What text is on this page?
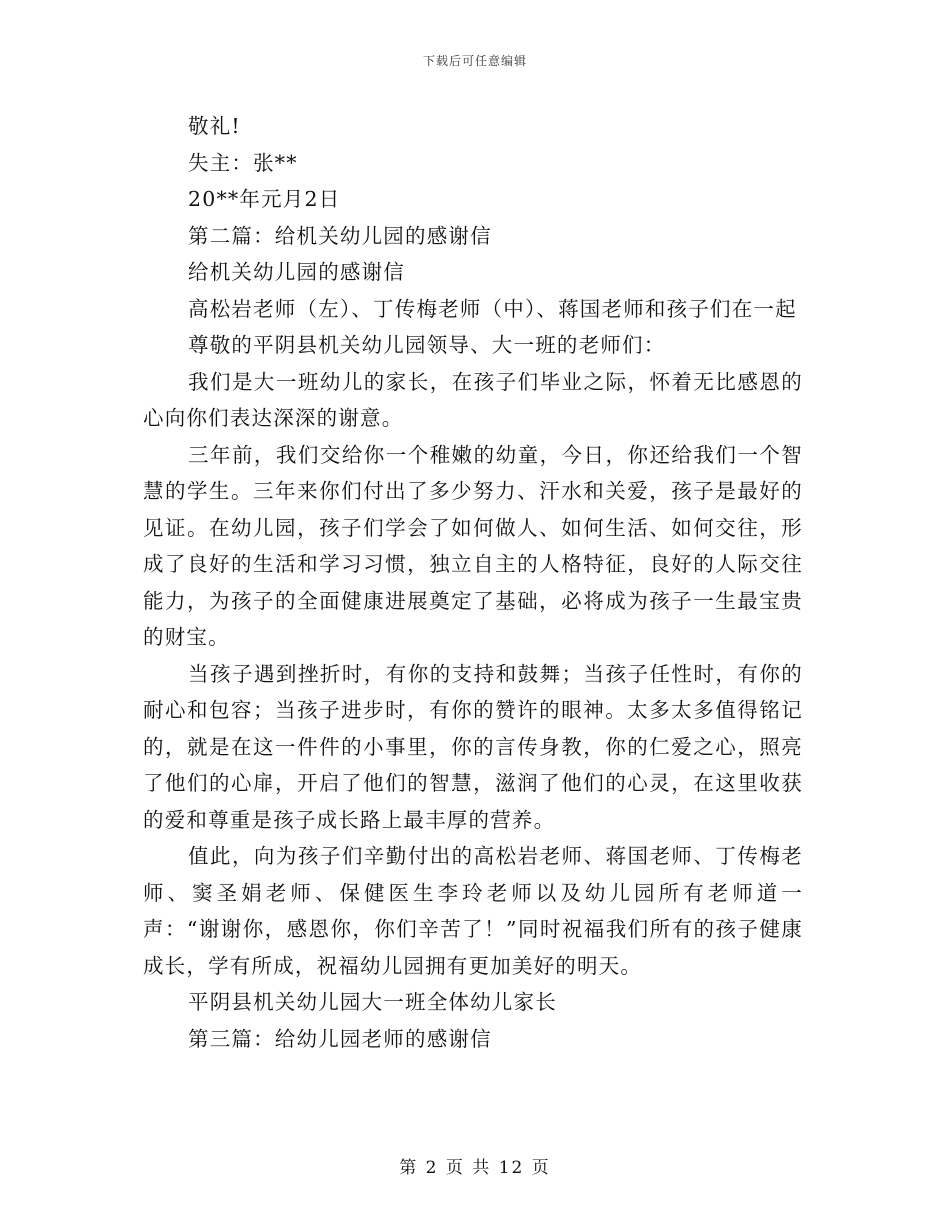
下载后可任意编辑

敬礼!

失主：张**

20**年元月2日

第二篇：给机关幼儿园的感谢信

给机关幼儿园的感谢信

高松岩老师（左）、丁传梅老师（中）、蒋国老师和孩子们在一起

尊敬的平阴县机关幼儿园领导、大一班的老师们：

我们是大一班幼儿的家长，在孩子们毕业之际，怀着无比感恩的心向你们表达深深的谢意。

三年前，我们交给你一个稚嫩的幼童，今日，你还给我们一个智慧的学生。三年来你们付出了多少努力、汗水和关爱，孩子是最好的见证。在幼儿园，孩子们学会了如何做人、如何生活、如何交往，形成了良好的生活和学习习惯，独立自主的人格特征，良好的人际交往能力，为孩子的全面健康进展奠定了基础，必将成为孩子一生最宝贵的财宝。

当孩子遇到挫折时，有你的支持和鼓舞；当孩子任性时，有你的耐心和包容；当孩子进步时，有你的赞许的眼神。太多太多值得铭记的，就是在这一件件的小事里，你的言传身教，你的仁爱之心，照亮了他们的心扉，开启了他们的智慧，滋润了他们的心灵，在这里收获的爱和尊重是孩子成长路上最丰厚的营养。

值此，向为孩子们辛勤付出的高松岩老师、蒋国老师、丁传梅老师、窦圣娟老师、保健医生李玲老师以及幼儿园所有老师道一声：“谢谢你，感恩你，你们辛苦了！”同时祝福我们所有的孩子健康成长，学有所成，祝福幼儿园拥有更加美好的明天。

平阴县机关幼儿园大一班全体幼儿家长

第三篇：给幼儿园老师的感谢信

第 2 页 共 12 页
